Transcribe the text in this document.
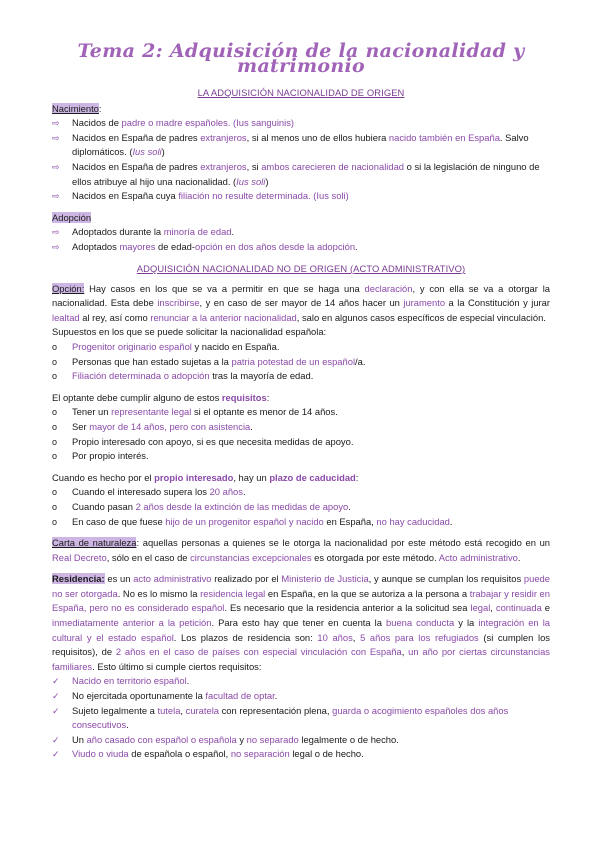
Tema 2: Adquisición de la nacionalidad y matrimonio
LA ADQUISICIÓN NACIONALIDAD DE ORIGEN
Nacimiento:
⇨	Nacidos de padre o madre españoles. (Ius sanguinis)
⇨	Nacidos en España de padres extranjeros, si al menos uno de ellos hubiera nacido también en España. Salvo diplomáticos. (Ius soli)
⇨	Nacidos en España de padres extranjeros, si ambos carecieren de nacionalidad o si la legislación de ninguno de ellos atribuye al hijo una nacionalidad. (Ius soli)
⇨	Nacidos en España cuya filiación no resulte determinada. (Ius soli)
Adopción
⇨	Adoptados durante la minoría de edad.
⇨	Adoptados mayores de edad-opción en dos años desde la adopción.
ADQUISICIÓN NACIONALIDAD NO DE ORIGEN (ACTO ADMINISTRATIVO)
Opción: Hay casos en los que se va a permitir en que se haga una declaración, y con ella se va a otorgar la nacionalidad. Esta debe inscribirse, y en caso de ser mayor de 14 años hacer un juramento a la Constitución y jurar lealtad al rey, así como renunciar a la anterior nacionalidad, salo en algunos casos específicos de especial vinculación.
Supuestos en los que se puede solicitar la nacionalidad española:
o	Progenitor originario español y nacido en España.
o	Personas que han estado sujetas a la patria potestad de un español/a.
o	Filiación determinada o adopción tras la mayoría de edad.
El optante debe cumplir alguno de estos requisitos:
o	Tener un representante legal si el optante es menor de 14 años.
o	Ser mayor de 14 años, pero con asistencia.
o	Propio interesado con apoyo, si es que necesita medidas de apoyo.
o	Por propio interés.
Cuando es hecho por el propio interesado, hay un plazo de caducidad:
o	Cuando el interesado supera los 20 años.
o	Cuando pasan 2 años desde la extinción de las medidas de apoyo.
o	En caso de que fuese hijo de un progenitor español y nacido en España, no hay caducidad.
Carta de naturaleza: aquellas personas a quienes se le otorga la nacionalidad por este método está recogido en un Real Decreto, sólo en el caso de circunstancias excepcionales es otorgada por este método. Acto administrativo.
Residencia: es un acto administrativo realizado por el Ministerio de Justicia, y aunque se cumplan los requisitos puede no ser otorgada. No es lo mismo la residencia legal en España, en la que se autoriza a la persona a trabajar y residir en España, pero no es considerado español. Es necesario que la residencia anterior a la solicitud sea legal, continuada e inmediatamente anterior a la petición. Para esto hay que tener en cuenta la buena conducta y la integración en la cultural y el estado español. Los plazos de residencia son: 10 años, 5 años para los refugiados (si cumplen los requisitos), de 2 años en el caso de países con especial vinculación con España, un año por ciertas circunstancias familiares. Esto último si cumple ciertos requisitos:
✓	Nacido en territorio español.
✓	No ejercitada oportunamente la facultad de optar.
✓	Sujeto legalmente a tutela, curatela con representación plena, guarda o acogimiento españoles dos años consecutivos.
✓	Un año casado con español o española y no separado legalmente o de hecho.
✓	Viudo o viuda de española o español, no separación legal o de hecho.
